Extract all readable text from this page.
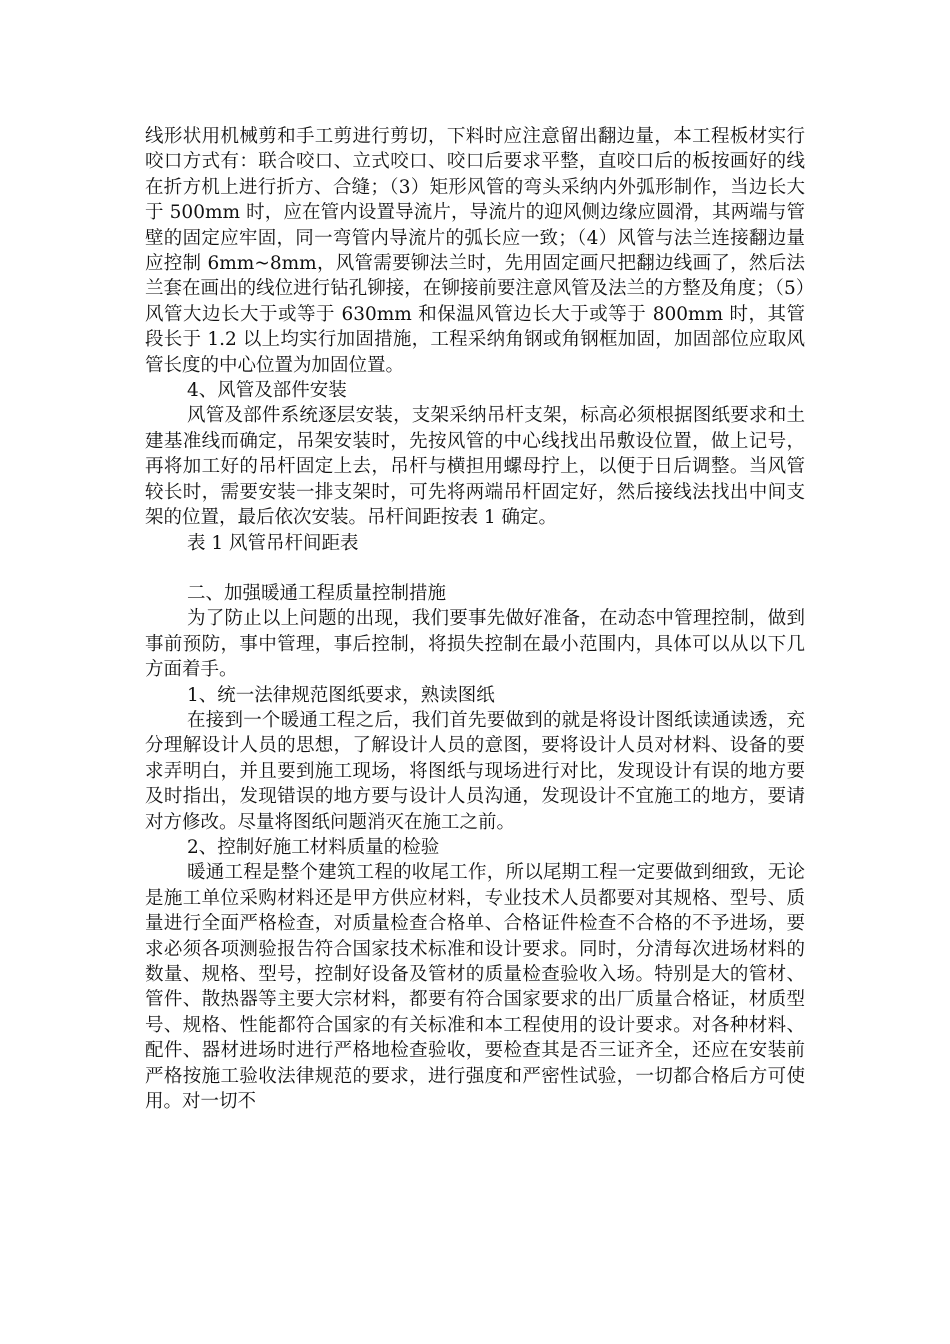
线形状用机械剪和手工剪进行剪切，下料时应注意留出翻边量，本工程板材实行咬口方式有：联合咬口、立式咬口、咬口后要求平整，直咬口后的板按画好的线在折方机上进行折方、合缝；（3）矩形风管的弯头采纳内外弧形制作，当边长大于 500mm 时，应在管内设置导流片，导流片的迎风侧边缘应圆滑，其两端与管壁的固定应牢固，同一弯管内导流片的弧长应一致；（4）风管与法兰连接翻边量应控制 6mm~8mm，风管需要铆法兰时，先用固定画尺把翻边线画了，然后法兰套在画出的线位进行钻孔铆接，在铆接前要注意风管及法兰的方整及角度；（5）风管大边长大于或等于 630mm 和保温风管边长大于或等于 800mm 时，其管段长于 1.2 以上均实行加固措施，工程采纳角钢或角钢框加固，加固部位应取风管长度的中心位置为加固位置。

4、风管及部件安装

风管及部件系统逐层安装，支架采纳吊杆支架，标高必须根据图纸要求和土建基准线而确定，吊架安装时，先按风管的中心线找出吊敷设位置，做上记号，再将加工好的吊杆固定上去，吊杆与横担用螺母拧上，以便于日后调整。当风管较长时，需要安装一排支架时，可先将两端吊杆固定好，然后接线法找出中间支架的位置，最后依次安装。吊杆间距按表 1 确定。

表 1 风管吊杆间距表

二、加强暖通工程质量控制措施

为了防止以上问题的出现，我们要事先做好准备，在动态中管理控制，做到事前预防，事中管理，事后控制，将损失控制在最小范围内，具体可以从以下几方面着手。

1、统一法律规范图纸要求，熟读图纸

在接到一个暖通工程之后，我们首先要做到的就是将设计图纸读通读透，充分理解设计人员的思想，了解设计人员的意图，要将设计人员对材料、设备的要求弄明白，并且要到施工现场，将图纸与现场进行对比，发现设计有误的地方要及时指出，发现错误的地方要与设计人员沟通，发现设计不宜施工的地方，要请对方修改。尽量将图纸问题消灭在施工之前。

2、控制好施工材料质量的检验

暖通工程是整个建筑工程的收尾工作，所以尾期工程一定要做到细致，无论是施工单位采购材料还是甲方供应材料，专业技术人员都要对其规格、型号、质量进行全面严格检查，对质量检查合格单、合格证件检查不合格的不予进场，要求必须各项测验报告符合国家技术标准和设计要求。同时，分清每次进场材料的数量、规格、型号，控制好设备及管材的质量检查验收入场。特别是大的管材、管件、散热器等主要大宗材料，都要有符合国家要求的出厂质量合格证，材质型号、规格、性能都符合国家的有关标准和本工程使用的设计要求。对各种材料、配件、器材进场时进行严格地检查验收，要检查其是否三证齐全，还应在安装前严格按施工验收法律规范的要求，进行强度和严密性试验，一切都合格后方可使用。对一切不
